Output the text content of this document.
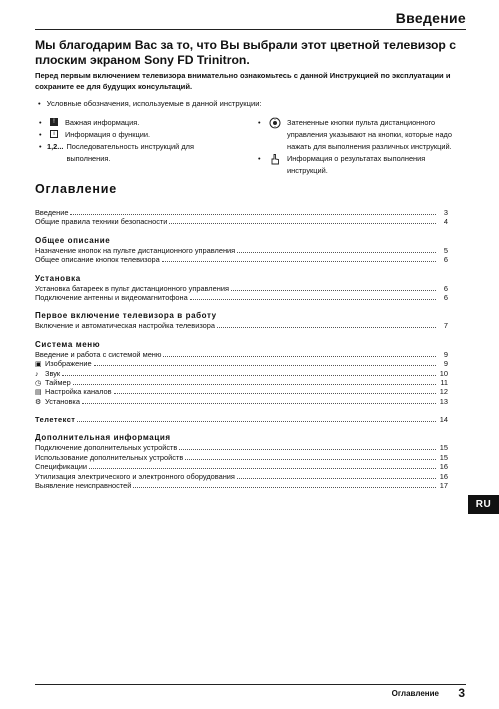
Введение
Мы благодарим Вас за то, что Вы выбрали этот цветной телевизор с плоским экраном Sony FD Trinitron.
Перед первым включением телевизора внимательно ознакомьтесь с данной Инструкцией по эксплуатации и сохраните ее для будущих консультаций.
• Условные обозначения, используемые в данной инструкции:
•	!	Важная информация.
•	i	Информация о функции.
• 1,2... Последовательность инструкций для выполнения.
•	Затененные кнопки пульта дистанционного управления указывают на кнопки, которые надо нажать для выполнения различных инструкций.
•	Информация о результатах выполнения инструкций.
Оглавление
Введение	3
Общие правила техники безопасности	4
Общее описание
Назначение кнопок на пульте дистанционного управления	5
Общее описание кнопок телевизора	6
Установка
Установка батареек в пульт дистанционного управления	6
Подключение антенны и видеомагнитофона	6
Первое включение телевизора в работу
Включение и автоматическая настройка телевизора	7
Система меню
Введение и работа с системой меню	9
▣ Изображение	9
♪ Звук	10
◷ Таймер	11
▤ Настройка каналов	12
⚙ Установка	13
Телетекст	14
Дополнительная информация
Подключение дополнительных устройств	15
Использование дополнительных устройств	15
Спецификации	16
Утилизация электрического и электронного оборудования	16
Выявление неисправностей	17
RU
Оглавление 3
